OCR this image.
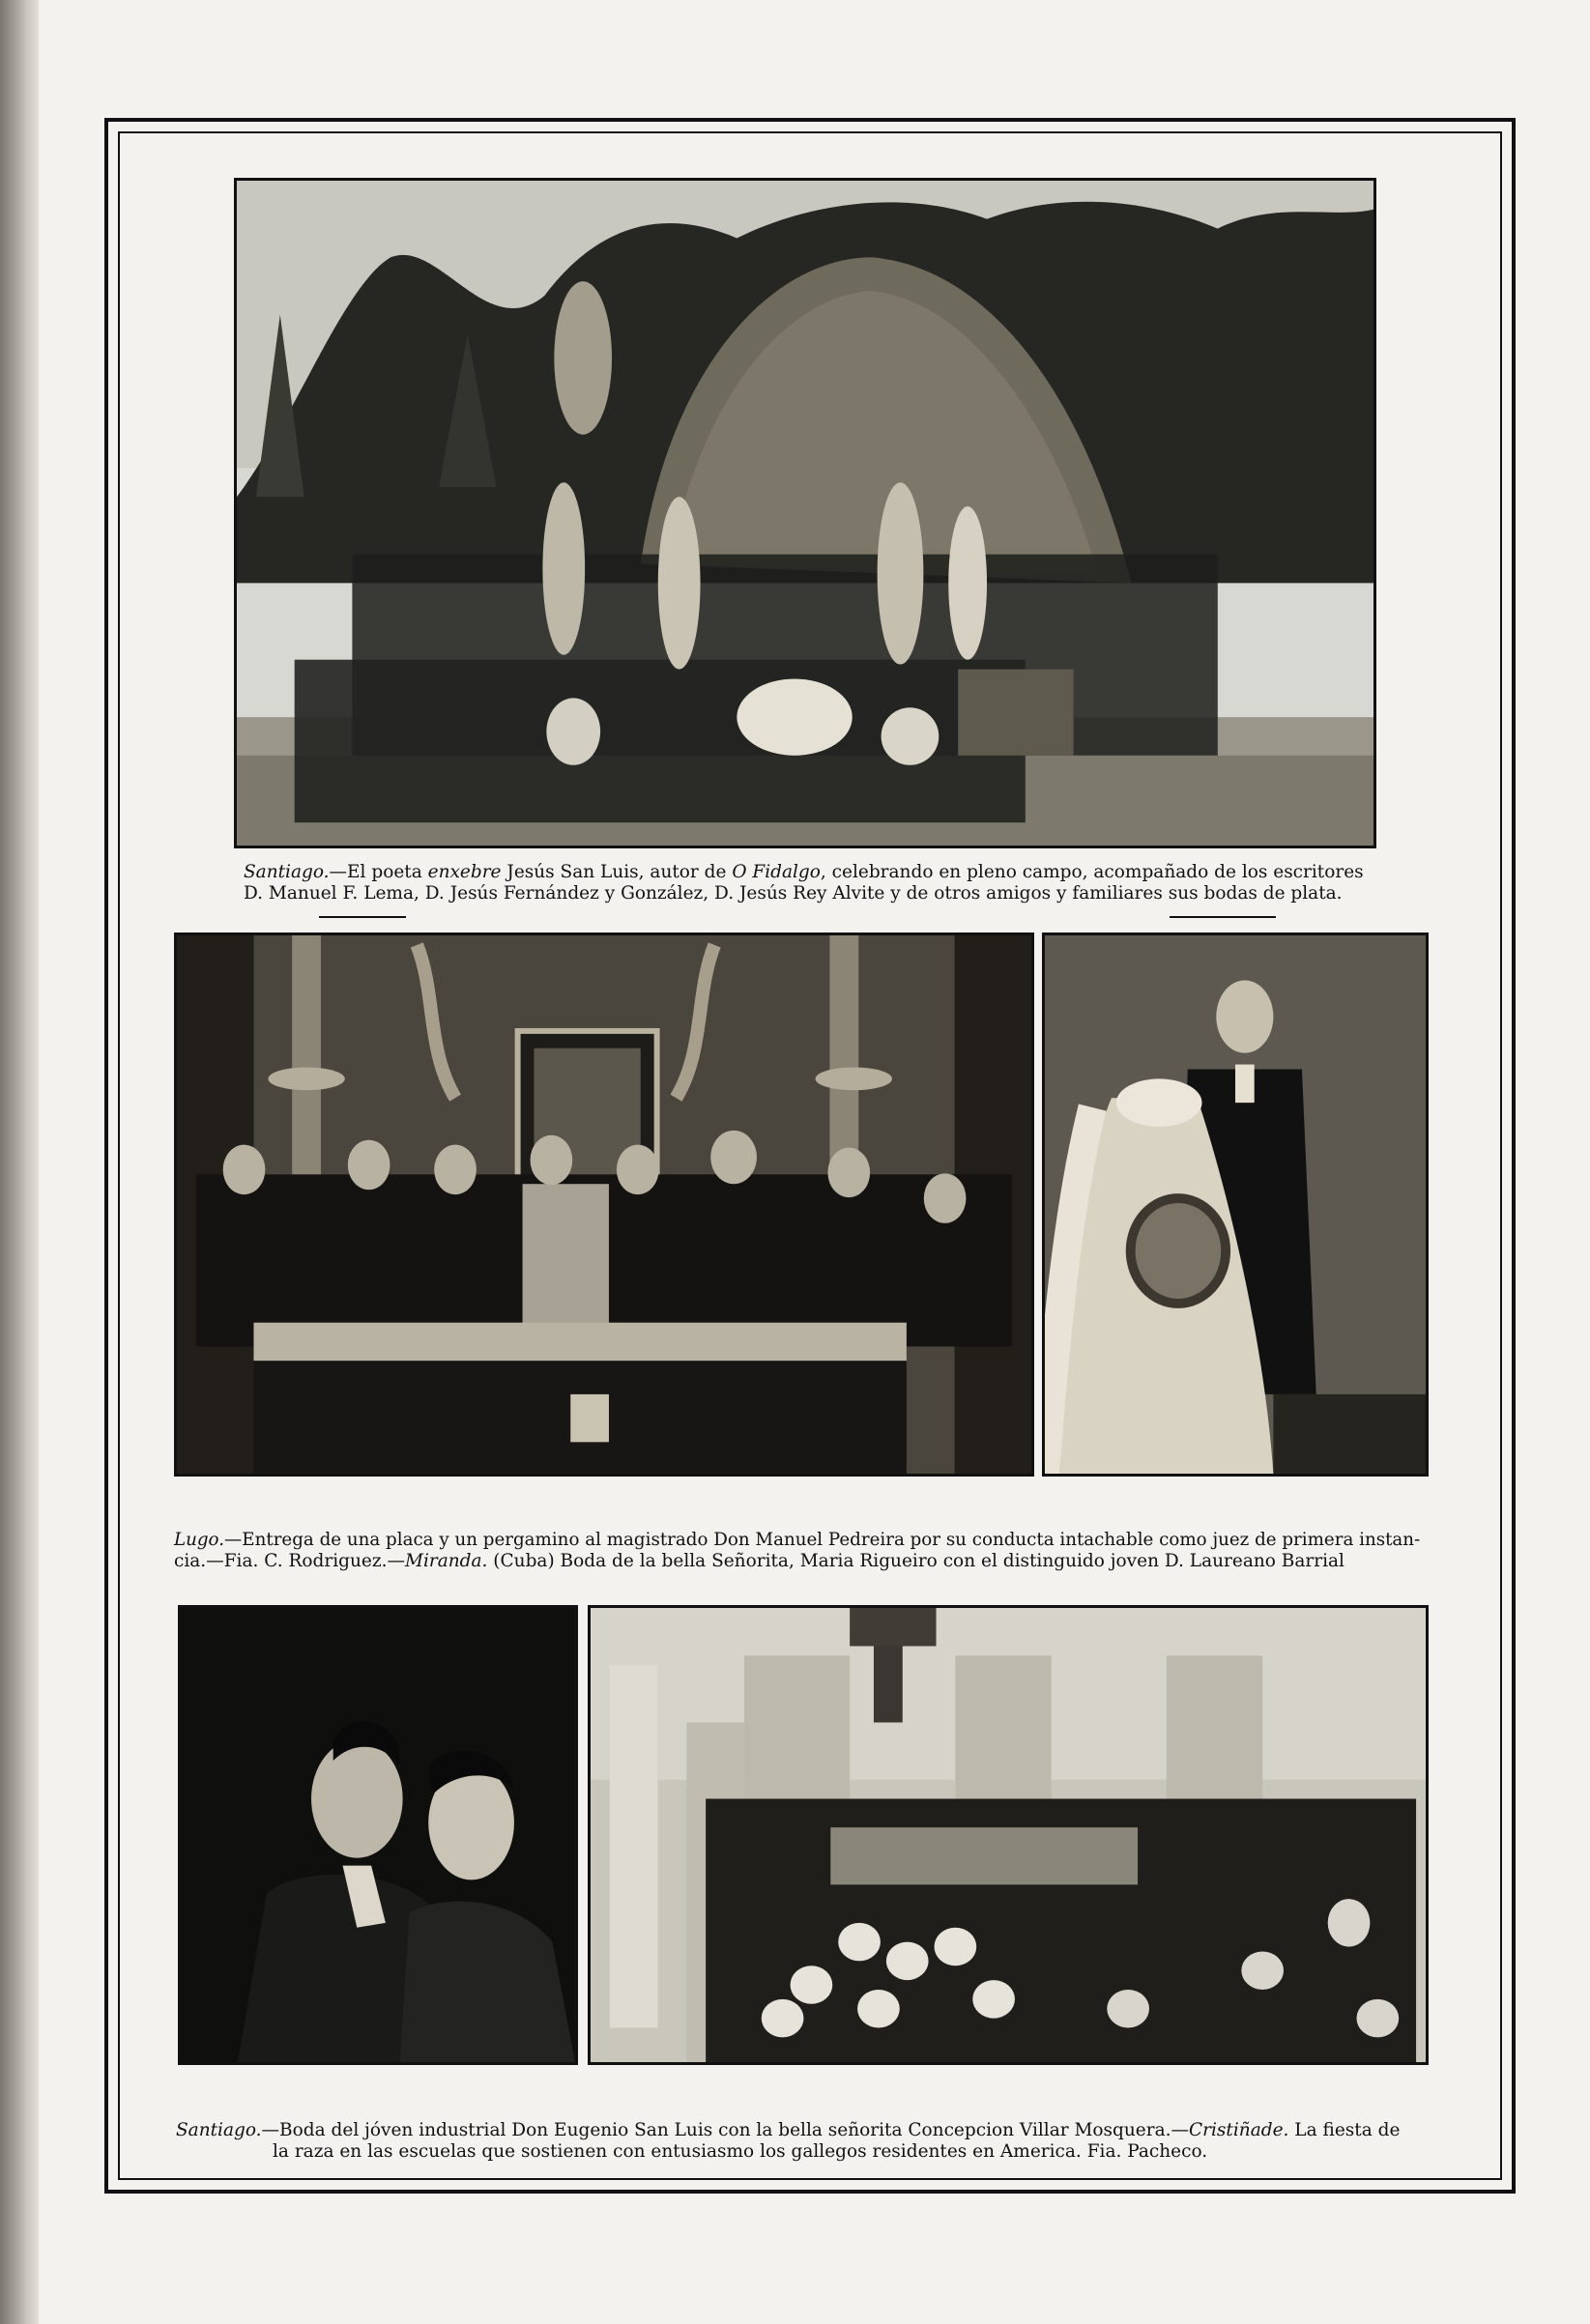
Santiago.—El poeta enxebre Jesús San Luis, autor de O Fidalgo, celebrando en pleno campo, acompañado de los escritores
D. Manuel F. Lema, D. Jesús Fernández y González, D. Jesús Rey Alvite y de otros amigos y familiares sus bodas de plata.
Lugo.—Entrega de una placa y un pergamino al magistrado Don Manuel Pedreira por su conducta intachable como juez de primera instan-
cia.—Fia. C. Rodriguez.—Miranda. (Cuba) Boda de la bella Señorita, Maria Rigueiro con el distinguido joven D. Laureano Barrial
Santiago.—Boda del jóven industrial Don Eugenio San Luis con la bella señorita Concepcion Villar Mosquera.—Cristiñade. La fiesta de
la raza en las escuelas que sostienen con entusiasmo los gallegos residentes en America. Fia. Pacheco.
